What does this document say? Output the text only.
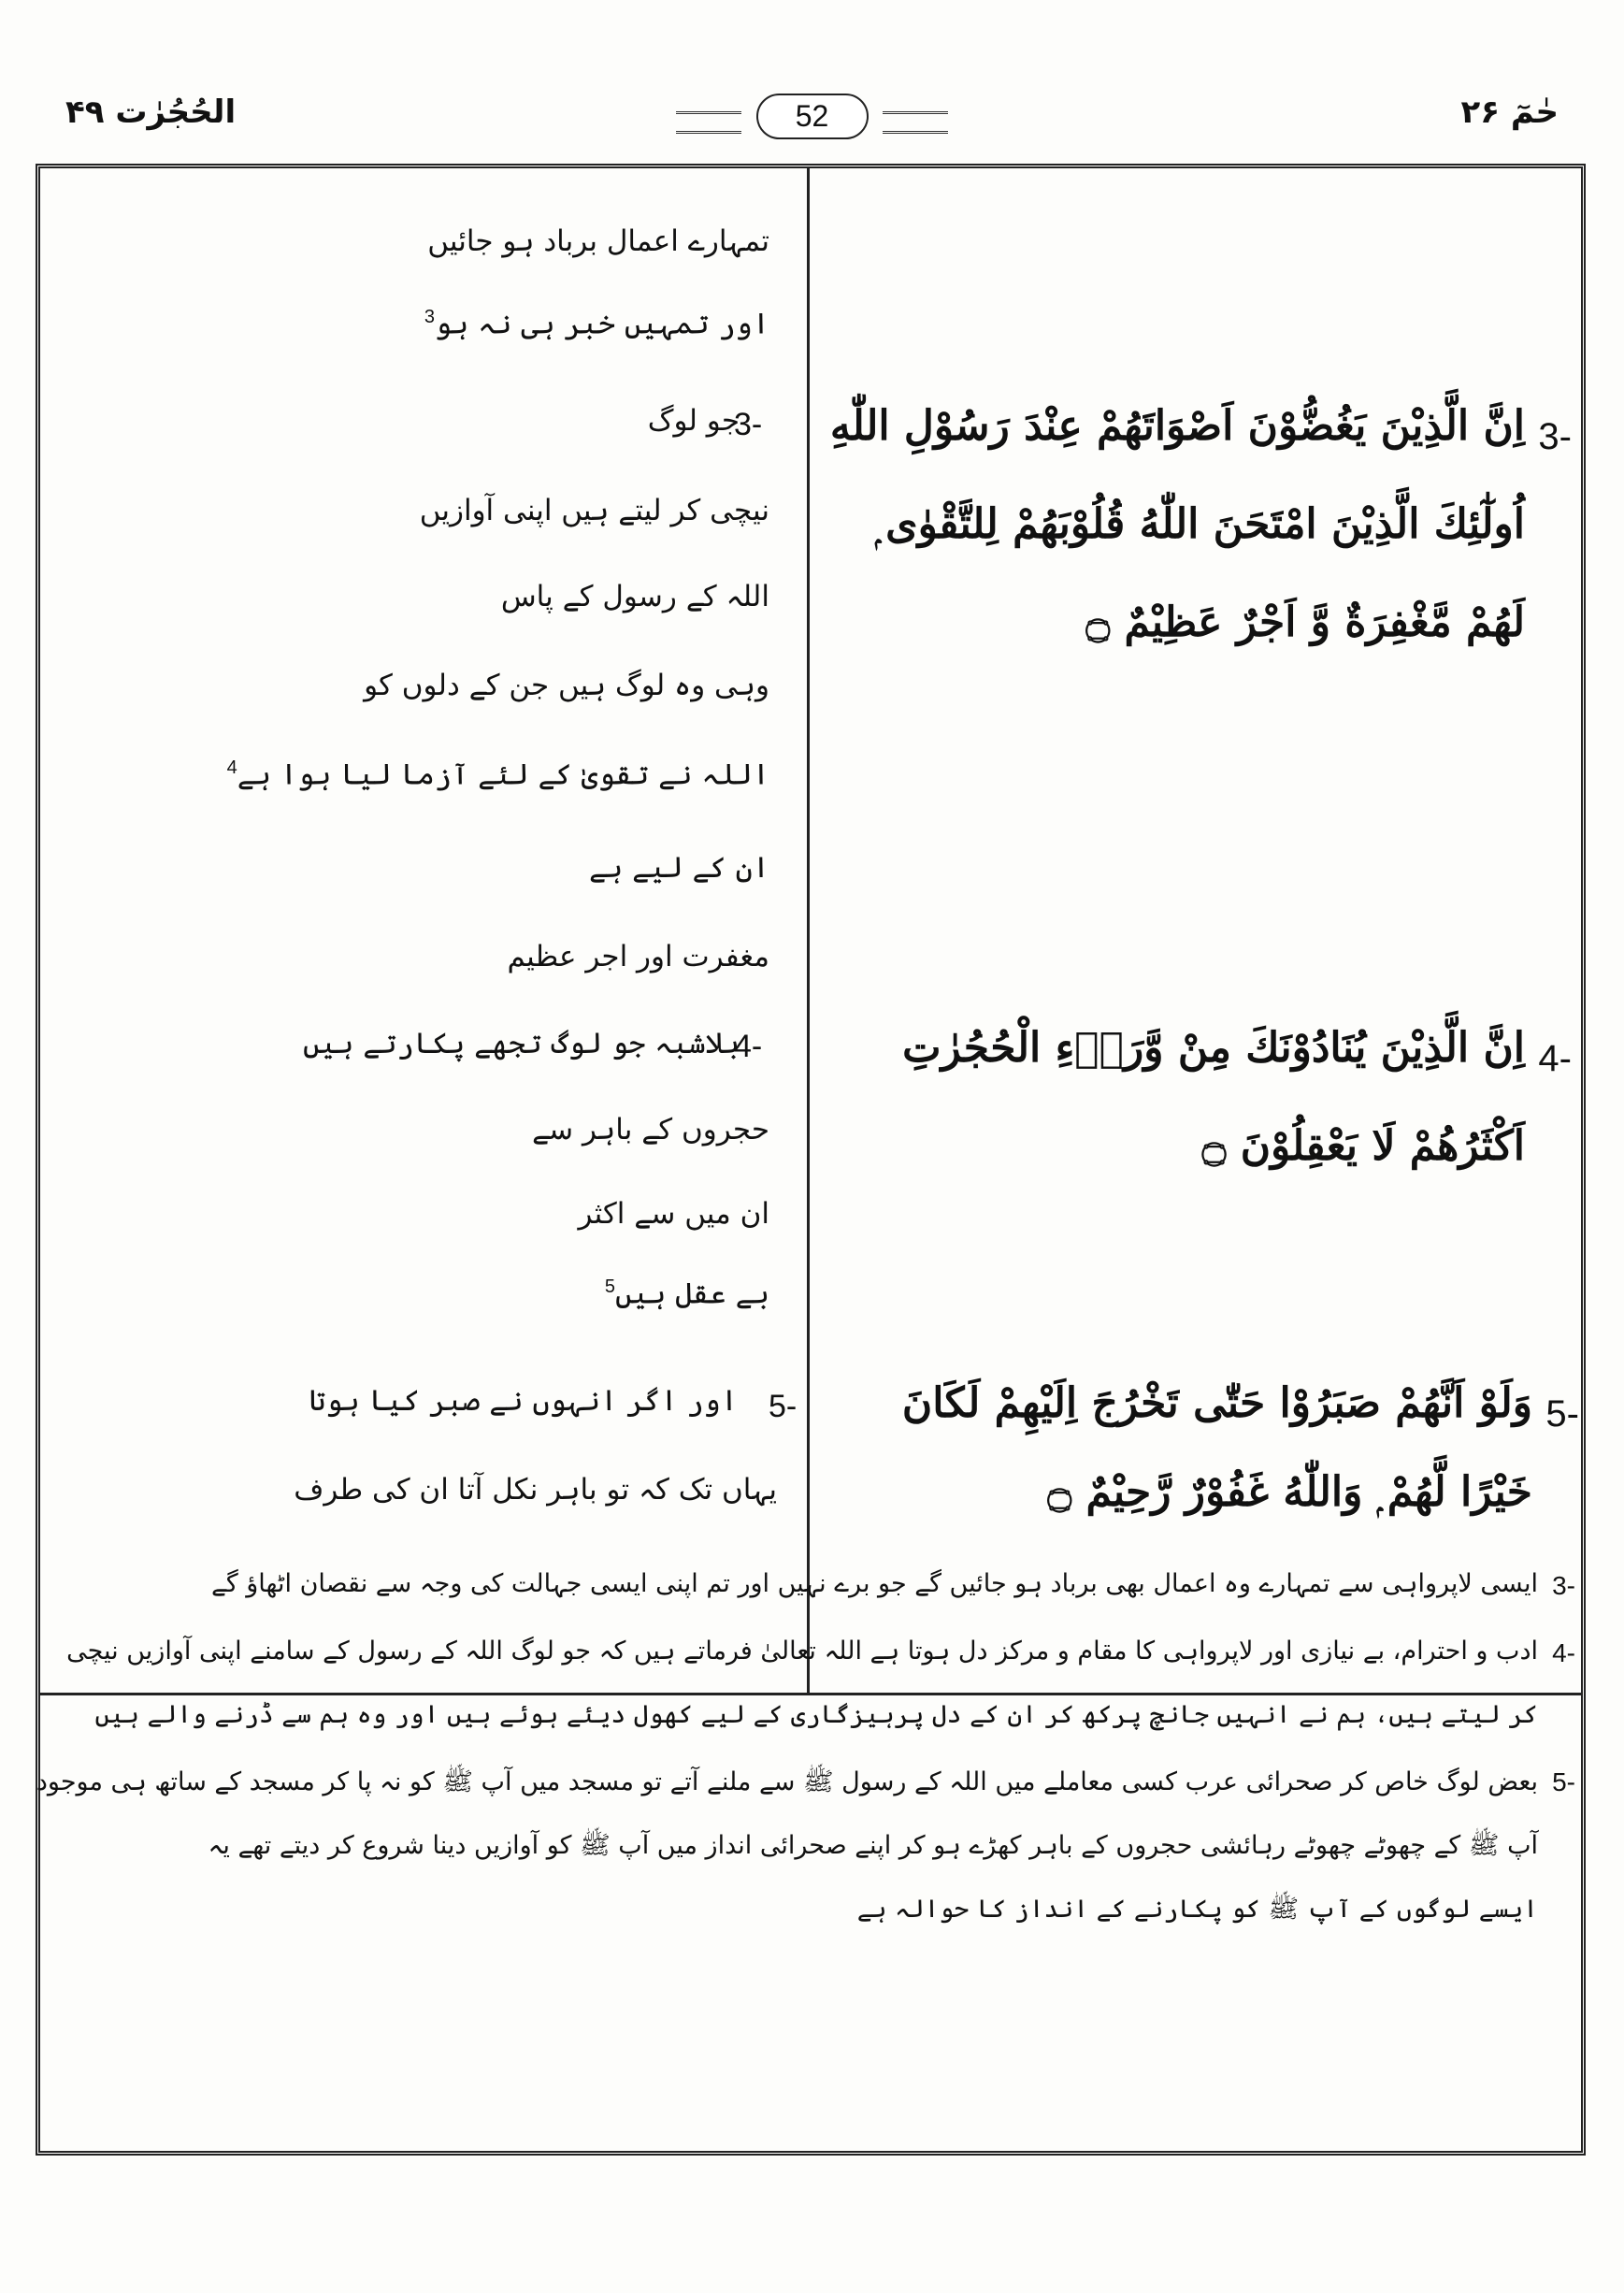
الحُجُرٰت ۴۹	52	حٰمٓ ۲۶
تمہارے اعمال برباد ہو جائیں
اور تمہیں خبر ہی نہ ہو$^3$
3-
جو لوگ
نیچی کر لیتے ہیں اپنی آوازیں
اللہ کے رسول کے پاس
وہی وہ لوگ ہیں جن کے دلوں کو
اللہ نے تقویٰ کے لئے آزما لیا ہوا ہے$^4$
ان کے لیے ہے
مغفرت اور اجر عظیم
4-
بلاشبہ جو لوگ تجھے پکارتے ہیں
حجروں کے باہر سے
ان میں سے اکثر
بے عقل ہیں$^5$
3-
اِنَّ الَّذِيْنَ يَغُضُّوْنَ اَصْوَاتَهُمْ عِنْدَ رَسُوْلِ اللّٰهِ
اُولٰٓئِكَ الَّذِيْنَ امْتَحَنَ اللّٰهُ قُلُوْبَهُمْ لِلتَّقْوٰى ۭ
لَهُمْ مَّغْفِرَةٌ وَّ اَجْرٌ عَظِيْمٌ ۝
4-
اِنَّ الَّذِيْنَ يُنَادُوْنَكَ مِنْ وَّرَاۗءِ الْحُجُرٰتِ
اَكْثَرُهُمْ لَا يَعْقِلُوْنَ ۝
5-
اور اگر انہوں نے صبر کیا ہوتا
یہاں تک کہ تو باہر نکل آتا ان کی طرف
5-
وَلَوْ اَنَّهُمْ صَبَرُوْا حَتّٰى تَخْرُجَ اِلَيْهِمْ لَكَانَ
خَيْرًا لَّهُمْ ۭ وَاللّٰهُ غَفُوْرٌ رَّحِيْمٌ ۝
3-
ایسی لاپرواہی سے تمہارے وہ اعمال بھی برباد ہو جائیں گے جو برے نہیں اور تم اپنی ایسی جہالت کی وجہ سے نقصان اٹھاؤ گے
4-
ادب و احترام، بے نیازی اور لاپرواہی کا مقام و مرکز دل ہوتا ہے اللہ تعالیٰ فرماتے ہیں کہ جو لوگ اللہ کے رسول کے سامنے اپنی آوازیں نیچی
کر لیتے ہیں، ہم نے انہیں جانچ پرکھ کر ان کے دل پرہیزگاری کے لیے کھول دیئے ہوئے ہیں اور وہ ہم سے ڈرنے والے ہیں
5-
بعض لوگ خاص کر صحرائی عرب کسی معاملے میں اللہ کے رسول ﷺ سے ملنے آتے تو مسجد میں آپ ﷺ کو نہ پا کر مسجد کے ساتھ ہی موجود
آپ ﷺ کے چھوٹے چھوٹے رہائشی حجروں کے باہر کھڑے ہو کر اپنے صحرائی انداز میں آپ ﷺ کو آوازیں دینا شروع کر دیتے تھے یہ
ایسے لوگوں کے آپ ﷺ کو پکارنے کے انداز کا حوالہ ہے
